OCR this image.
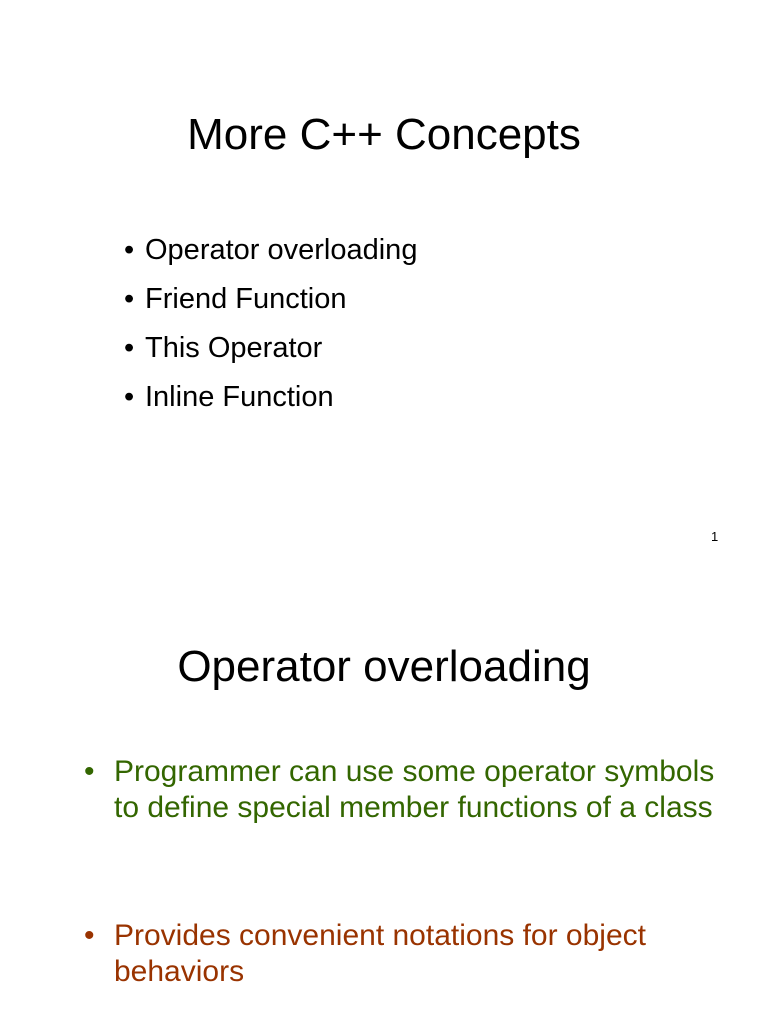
More C++ Concepts
• Operator overloading
• Friend Function
• This Operator
• Inline Function
1
Operator overloading
• Programmer can use some operator symbols to define special member functions of a class
• Provides convenient notations for object behaviors
